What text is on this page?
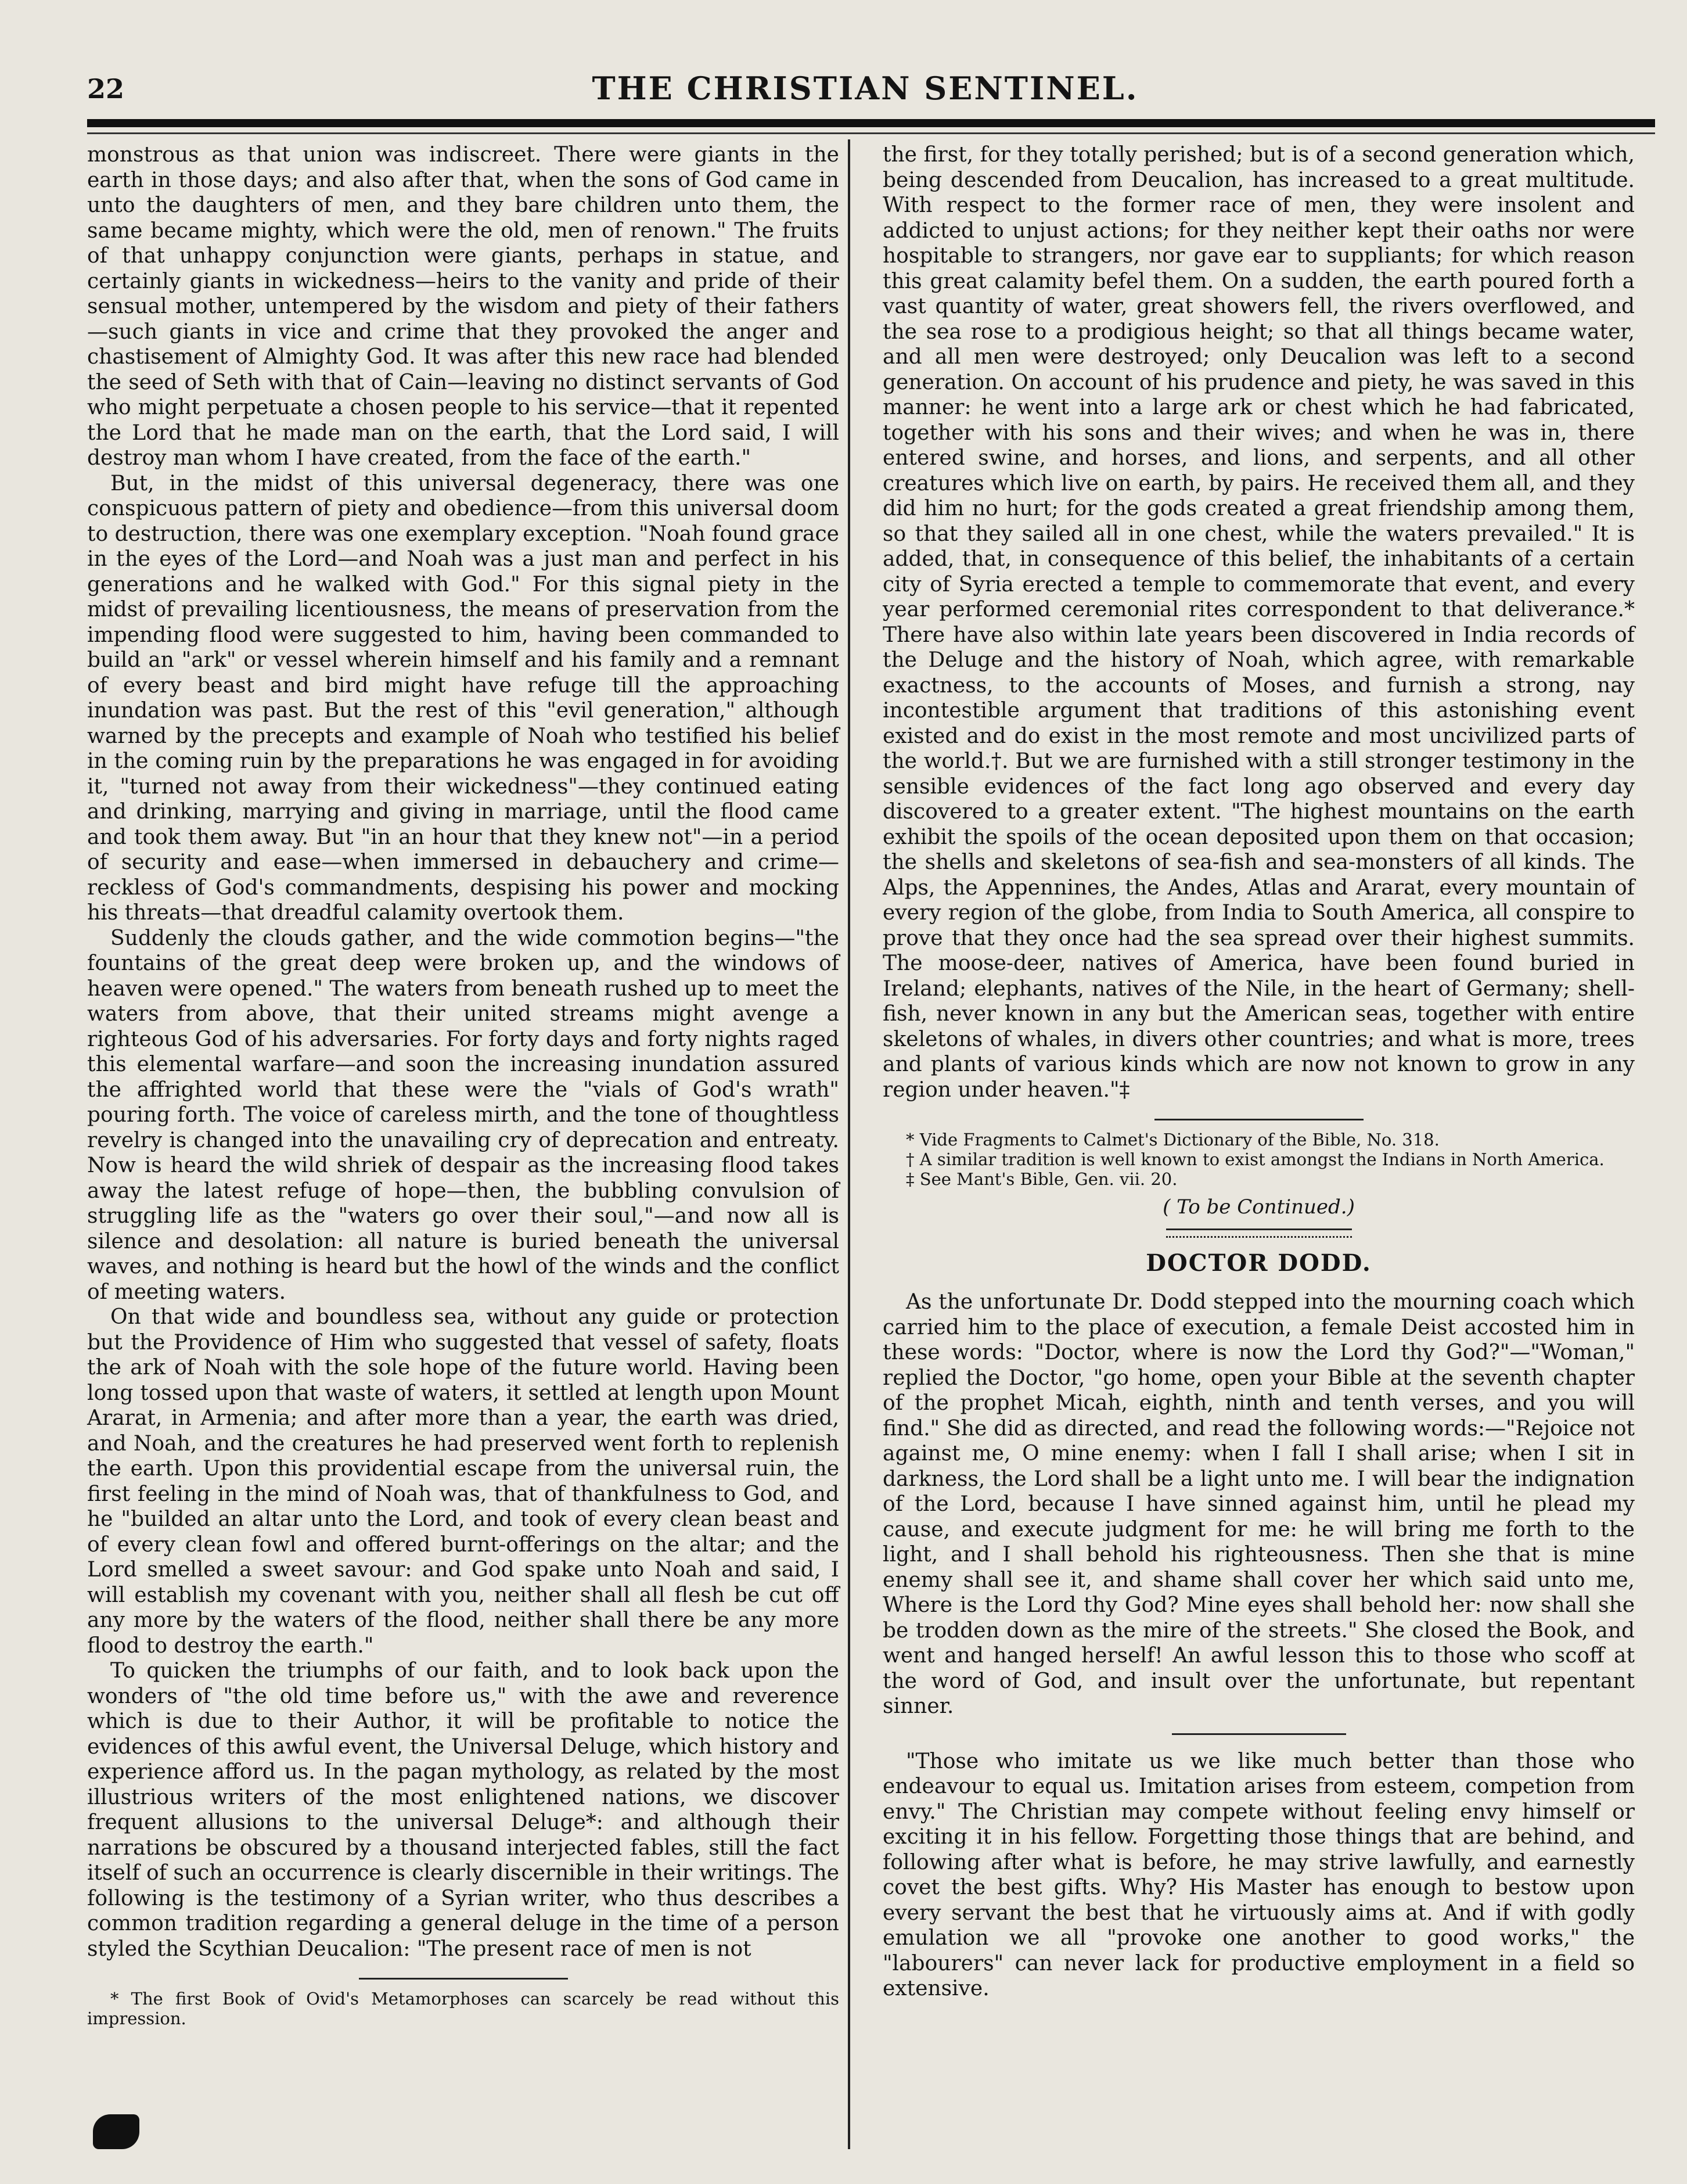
22	THE CHRISTIAN SENTINEL.

monstrous as that union was indiscreet. There were giants in the earth in those days; and also after that, when the sons of God came in unto the daughters of men, and they bare children unto them, the same became mighty, which were the old, men of renown." The fruits of that unhappy conjunction were giants, perhaps in statue, and certainly giants in wickedness—heirs to the vanity and pride of their sensual mother, untempered by the wisdom and piety of their fathers—such giants in vice and crime that they provoked the anger and chastisement of Almighty God. It was after this new race had blended the seed of Seth with that of Cain—leaving no distinct servants of God who might perpetuate a chosen people to his service—that it repented the Lord that he made man on the earth, that the Lord said, I will destroy man whom I have created, from the face of the earth."

But, in the midst of this universal degeneracy, there was one conspicuous pattern of piety and obedience—from this universal doom to destruction, there was one exemplary exception. "Noah found grace in the eyes of the Lord—and Noah was a just man and perfect in his generations and he walked with God." For this signal piety in the midst of prevailing licentiousness, the means of preservation from the impending flood were suggested to him, having been commanded to build an "ark" or vessel wherein himself and his family and a remnant of every beast and bird might have refuge till the approaching inundation was past. But the rest of this "evil generation," although warned by the precepts and example of Noah who testified his belief in the coming ruin by the preparations he was engaged in for avoiding it, "turned not away from their wickedness"—they continued eating and drinking, marrying and giving in marriage, until the flood came and took them away. But "in an hour that they knew not"—in a period of security and ease—when immersed in debauchery and crime—reckless of God's commandments, despising his power and mocking his threats—that dreadful calamity overtook them.

Suddenly the clouds gather, and the wide commotion begins—"the fountains of the great deep were broken up, and the windows of heaven were opened." The waters from beneath rushed up to meet the waters from above, that their united streams might avenge a righteous God of his adversaries. For forty days and forty nights raged this elemental warfare—and soon the increasing inundation assured the affrighted world that these were the "vials of God's wrath" pouring forth. The voice of careless mirth, and the tone of thoughtless revelry is changed into the unavailing cry of deprecation and entreaty. Now is heard the wild shriek of despair as the increasing flood takes away the latest refuge of hope—then, the bubbling convulsion of struggling life as the "waters go over their soul,"—and now all is silence and desolation: all nature is buried beneath the universal waves, and nothing is heard but the howl of the winds and the conflict of meeting waters.

On that wide and boundless sea, without any guide or protection but the Providence of Him who suggested that vessel of safety, floats the ark of Noah with the sole hope of the future world. Having been long tossed upon that waste of waters, it settled at length upon Mount Ararat, in Armenia; and after more than a year, the earth was dried, and Noah, and the creatures he had preserved went forth to replenish the earth. Upon this providential escape from the universal ruin, the first feeling in the mind of Noah was, that of thankfulness to God, and he "builded an altar unto the Lord, and took of every clean beast and of every clean fowl and offered burnt-offerings on the altar; and the Lord smelled a sweet savour: and God spake unto Noah and said, I will establish my covenant with you, neither shall all flesh be cut off any more by the waters of the flood, neither shall there be any more flood to destroy the earth."

To quicken the triumphs of our faith, and to look back upon the wonders of "the old time before us," with the awe and reverence which is due to their Author, it will be profitable to notice the evidences of this awful event, the Universal Deluge, which history and experience afford us. In the pagan mythology, as related by the most illustrious writers of the most enlightened nations, we discover frequent allusions to the universal Deluge*: and although their narrations be obscured by a thousand interjected fables, still the fact itself of such an occurrence is clearly discernible in their writings. The following is the testimony of a Syrian writer, who thus describes a common tradition regarding a general deluge in the time of a person styled the Scythian Deucalion: "The present race of men is not

* The first Book of Ovid's Metamorphoses can scarcely be read without this impression.

the first, for they totally perished; but is of a second generation which, being descended from Deucalion, has increased to a great multitude. With respect to the former race of men, they were insolent and addicted to unjust actions; for they neither kept their oaths nor were hospitable to strangers, nor gave ear to suppliants; for which reason this great calamity befel them. On a sudden, the earth poured forth a vast quantity of water, great showers fell, the rivers overflowed, and the sea rose to a prodigious height; so that all things became water, and all men were destroyed; only Deucalion was left to a second generation. On account of his prudence and piety, he was saved in this manner: he went into a large ark or chest which he had fabricated, together with his sons and their wives; and when he was in, there entered swine, and horses, and lions, and serpents, and all other creatures which live on earth, by pairs. He received them all, and they did him no hurt; for the gods created a great friendship among them, so that they sailed all in one chest, while the waters prevailed." It is added, that, in consequence of this belief, the inhabitants of a certain city of Syria erected a temple to commemorate that event, and every year performed ceremonial rites correspondent to that deliverance.* There have also within late years been discovered in India records of the Deluge and the history of Noah, which agree, with remarkable exactness, to the accounts of Moses, and furnish a strong, nay incontestible argument that traditions of this astonishing event existed and do exist in the most remote and most uncivilized parts of the world.†. But we are furnished with a still stronger testimony in the sensible evidences of the fact long ago observed and every day discovered to a greater extent. "The highest mountains on the earth exhibit the spoils of the ocean deposited upon them on that occasion; the shells and skeletons of sea-fish and sea-monsters of all kinds. The Alps, the Appennines, the Andes, Atlas and Ararat, every mountain of every region of the globe, from India to South America, all conspire to prove that they once had the sea spread over their highest summits. The moose-deer, natives of America, have been found buried in Ireland; elephants, natives of the Nile, in the heart of Germany; shell-fish, never known in any but the American seas, together with entire skeletons of whales, in divers other countries; and what is more, trees and plants of various kinds which are now not known to grow in any region under heaven."‡

* Vide Fragments to Calmet's Dictionary of the Bible, No. 318.

† A similar tradition is well known to exist amongst the Indians in North America.

‡ See Mant's Bible, Gen. vii. 20.

( To be Continued.)
DOCTOR DODD.

As the unfortunate Dr. Dodd stepped into the mourning coach which carried him to the place of execution, a female Deist accosted him in these words: "Doctor, where is now the Lord thy God?"—"Woman," replied the Doctor, "go home, open your Bible at the seventh chapter of the prophet Micah, eighth, ninth and tenth verses, and you will find." She did as directed, and read the following words:—"Rejoice not against me, O mine enemy: when I fall I shall arise; when I sit in darkness, the Lord shall be a light unto me. I will bear the indignation of the Lord, because I have sinned against him, until he plead my cause, and execute judgment for me: he will bring me forth to the light, and I shall behold his righteousness. Then she that is mine enemy shall see it, and shame shall cover her which said unto me, Where is the Lord thy God? Mine eyes shall behold her: now shall she be trodden down as the mire of the streets." She closed the Book, and went and hanged herself! An awful lesson this to those who scoff at the word of God, and insult over the unfortunate, but repentant sinner.

"Those who imitate us we like much better than those who endeavour to equal us. Imitation arises from esteem, competion from envy." The Christian may compete without feeling envy himself or exciting it in his fellow. Forgetting those things that are behind, and following after what is before, he may strive lawfully, and earnestly covet the best gifts. Why? His Master has enough to bestow upon every servant the best that he virtuously aims at. And if with godly emulation we all "provoke one another to good works," the "labourers" can never lack for productive employment in a field so extensive.
